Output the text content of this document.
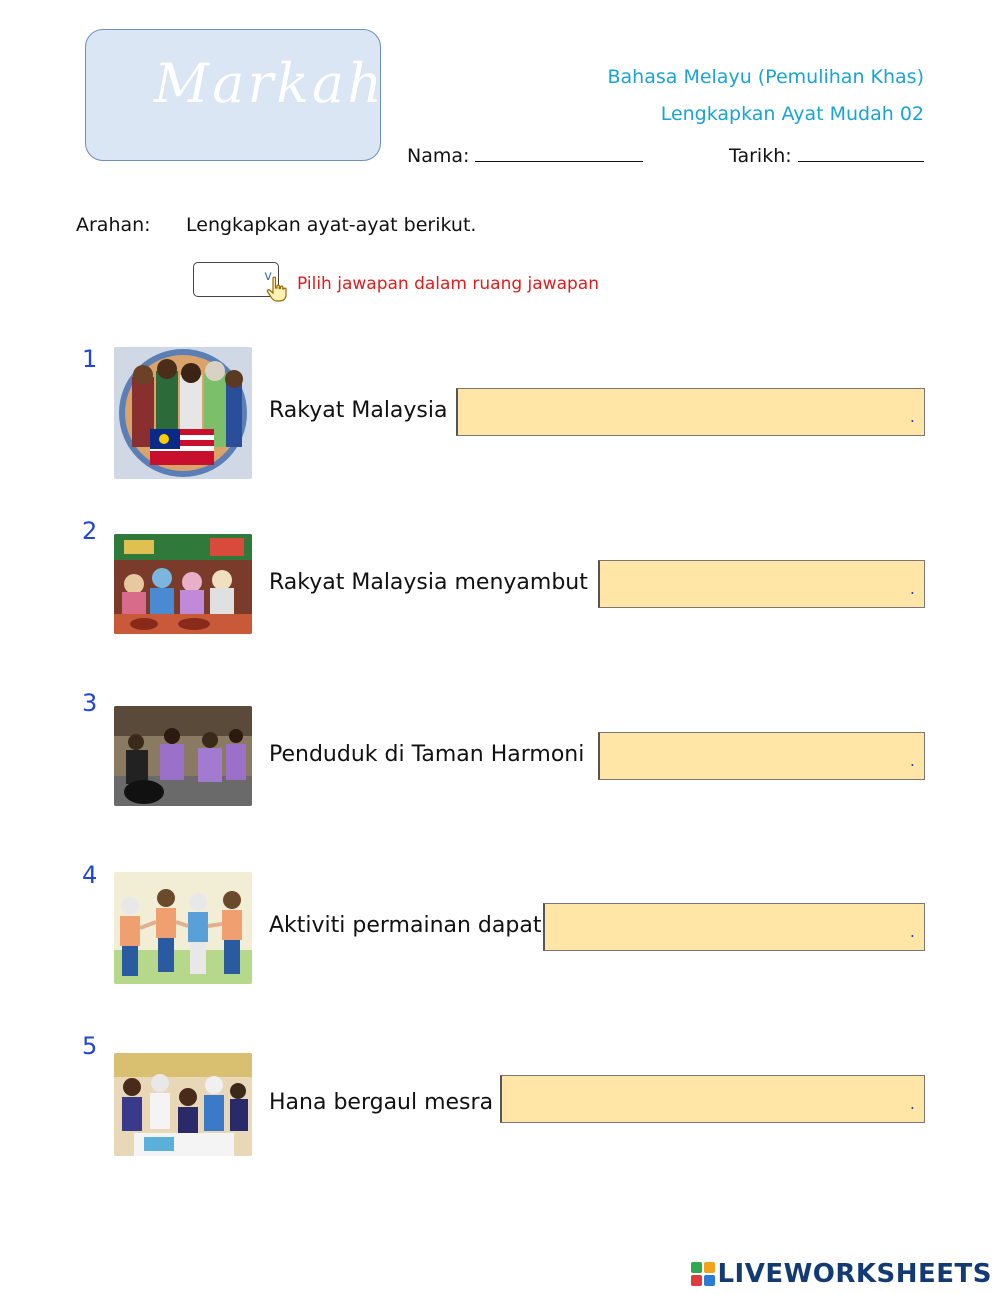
Markah	Bahasa Melayu (Pemulihan Khas)
Lengkapkan Ayat Mudah 02
Nama:	Tarikh:
Arahan: Lengkapkan ayat-ayat berikut.
v Pilih jawapan dalam ruang jawapan
1
Rakyat Malaysia	.
2
Rakyat Malaysia menyambut	.
3
Penduduk di Taman Harmoni	.
4
Aktiviti permainan dapat	.
5
Hana bergaul mesra	.
LIVEWORKSHEETS
